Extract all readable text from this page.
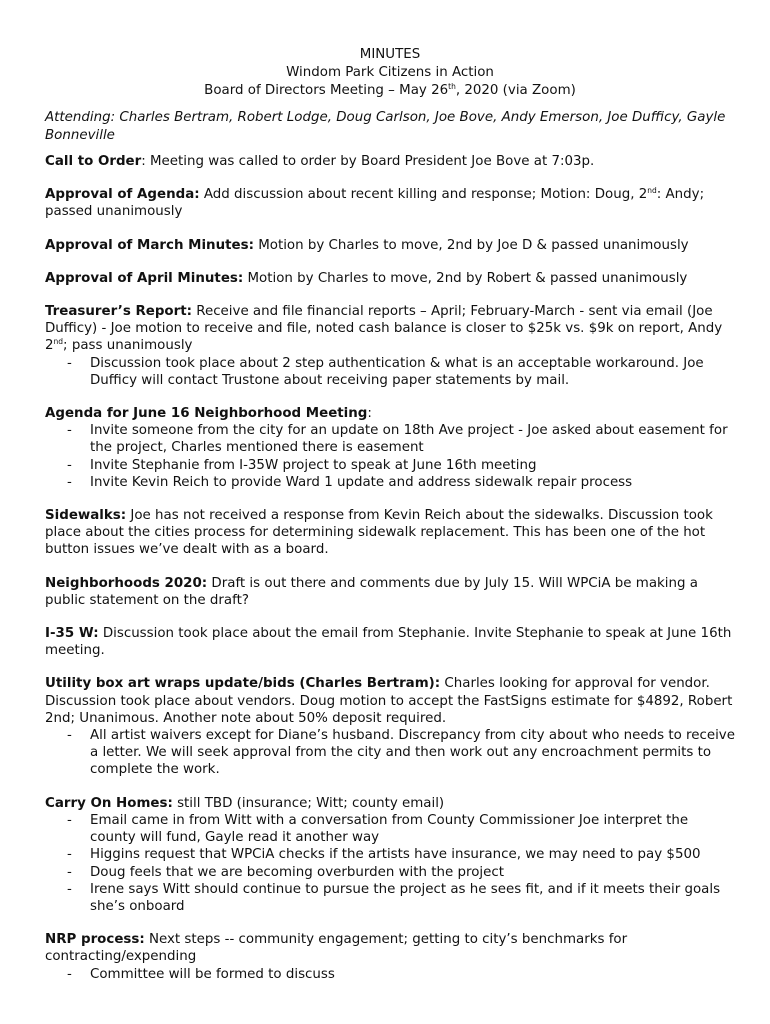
MINUTES
Windom Park Citizens in Action
Board of Directors Meeting – May 26th, 2020 (via Zoom)

Attending: Charles Bertram, Robert Lodge, Doug Carlson, Joe Bove, Andy Emerson, Joe Dufficy, Gayle Bonneville

Call to Order: Meeting was called to order by Board President Joe Bove at 7:03p.

Approval of Agenda: Add discussion about recent killing and response; Motion: Doug, 2nd: Andy; passed unanimously

Approval of March Minutes: Motion by Charles to move, 2nd by Joe D & passed unanimously

Approval of April Minutes: Motion by Charles to move, 2nd by Robert & passed unanimously

Treasurer’s Report: Receive and file financial reports – April; February-March - sent via email (Joe Dufficy) - Joe motion to receive and file, noted cash balance is closer to $25k vs. $9k on report, Andy 2nd; pass unanimously

- Discussion took place about 2 step authentication & what is an acceptable workaround. Joe Dufficy will contact Trustone about receiving paper statements by mail.

Agenda for June 16 Neighborhood Meeting:

- Invite someone from the city for an update on 18th Ave project - Joe asked about easement for the project, Charles mentioned there is easement
- Invite Stephanie from I-35W project to speak at June 16th meeting
- Invite Kevin Reich to provide Ward 1 update and address sidewalk repair process

Sidewalks: Joe has not received a response from Kevin Reich about the sidewalks. Discussion took place about the cities process for determining sidewalk replacement. This has been one of the hot button issues we’ve dealt with as a board.

Neighborhoods 2020: Draft is out there and comments due by July 15. Will WPCiA be making a public statement on the draft?

I-35 W: Discussion took place about the email from Stephanie. Invite Stephanie to speak at June 16th meeting.

Utility box art wraps update/bids (Charles Bertram): Charles looking for approval for vendor. Discussion took place about vendors. Doug motion to accept the FastSigns estimate for $4892, Robert 2nd; Unanimous. Another note about 50% deposit required.

- All artist waivers except for Diane’s husband. Discrepancy from city about who needs to receive a letter. We will seek approval from the city and then work out any encroachment permits to complete the work.

Carry On Homes: still TBD (insurance; Witt; county email)

- Email came in from Witt with a conversation from County Commissioner Joe interpret the county will fund, Gayle read it another way
- Higgins request that WPCiA checks if the artists have insurance, we may need to pay $500
- Doug feels that we are becoming overburden with the project
- Irene says Witt should continue to pursue the project as he sees fit, and if it meets their goals she’s onboard

NRP process: Next steps -- community engagement; getting to city’s benchmarks for contracting/expending

- Committee will be formed to discuss
